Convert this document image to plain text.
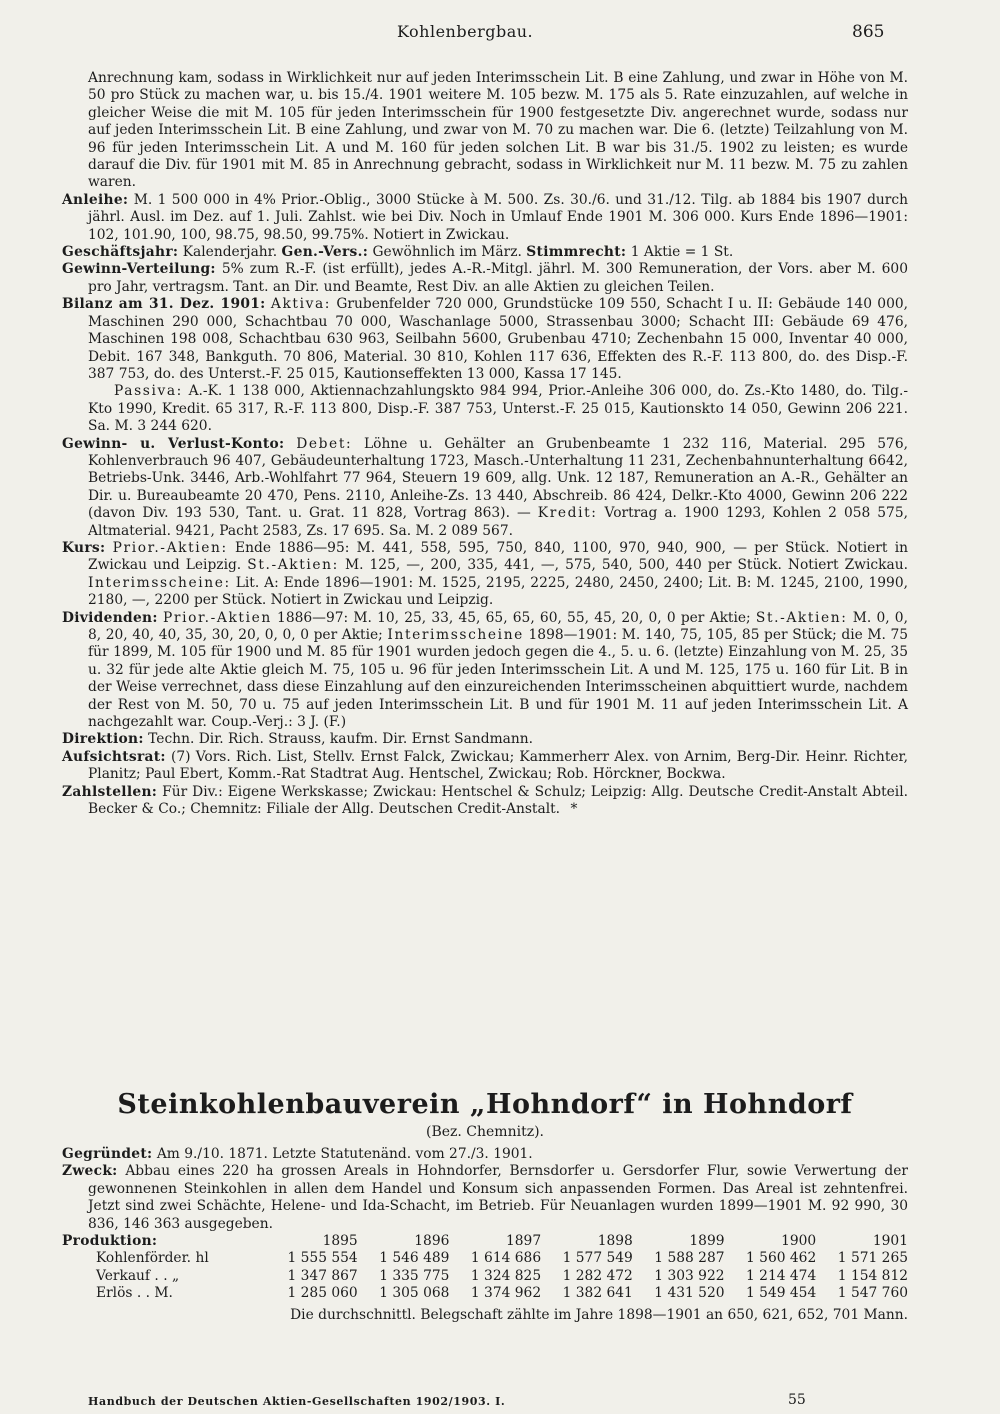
Kohlenbergbau.	865

Anrechnung kam, sodass in Wirklichkeit nur auf jeden Interimsschein Lit. B eine Zahlung, und zwar in Höhe von M. 50 pro Stück zu machen war, u. bis 15./4. 1901 weitere M. 105 bezw. M. 175 als 5. Rate einzuzahlen, auf welche in gleicher Weise die mit M. 105 für jeden Interimsschein für 1900 festgesetzte Div. angerechnet wurde, sodass nur auf jeden Interimsschein Lit. B eine Zahlung, und zwar von M. 70 zu machen war. Die 6. (letzte) Teilzahlung von M. 96 für jeden Interimsschein Lit. A und M. 160 für jeden solchen Lit. B war bis 31./5. 1902 zu leisten; es wurde darauf die Div. für 1901 mit M. 85 in Anrechnung gebracht, sodass in Wirklichkeit nur M. 11 bezw. M. 75 zu zahlen waren.

Anleihe: M. 1 500 000 in 4% Prior.-Oblig., 3000 Stücke à M. 500. Zs. 30./6. und 31./12. Tilg. ab 1884 bis 1907 durch jährl. Ausl. im Dez. auf 1. Juli. Zahlst. wie bei Div. Noch in Umlauf Ende 1901 M. 306 000. Kurs Ende 1896—1901: 102, 101.90, 100, 98.75, 98.50, 99.75%. Notiert in Zwickau.

Geschäftsjahr: Kalenderjahr. Gen.-Vers.: Gewöhnlich im März. Stimmrecht: 1 Aktie = 1 St.

Gewinn-Verteilung: 5% zum R.-F. (ist erfüllt), jedes A.-R.-Mitgl. jährl. M. 300 Remuneration, der Vors. aber M. 600 pro Jahr, vertragsm. Tant. an Dir. und Beamte, Rest Div. an alle Aktien zu gleichen Teilen.

Bilanz am 31. Dez. 1901: Aktiva: Grubenfelder 720 000, Grundstücke 109 550, Schacht I u. II: Gebäude 140 000, Maschinen 290 000, Schachtbau 70 000, Waschanlage 5000, Strassenbau 3000; Schacht III: Gebäude 69 476, Maschinen 198 008, Schachtbau 630 963, Seilbahn 5600, Grubenbau 4710; Zechenbahn 15 000, Inventar 40 000, Debit. 167 348, Bankguth. 70 806, Material. 30 810, Kohlen 117 636, Effekten des R.-F. 113 800, do. des Disp.-F. 387 753, do. des Unterst.-F. 25 015, Kautionseffekten 13 000, Kassa 17 145.

Passiva: A.-K. 1 138 000, Aktiennachzahlungskto 984 994, Prior.-Anleihe 306 000, do. Zs.-Kto 1480, do. Tilg.-Kto 1990, Kredit. 65 317, R.-F. 113 800, Disp.-F. 387 753, Unterst.-F. 25 015, Kautionskto 14 050, Gewinn 206 221. Sa. M. 3 244 620.

Gewinn- u. Verlust-Konto: Debet: Löhne u. Gehälter an Grubenbeamte 1 232 116, Material. 295 576, Kohlenverbrauch 96 407, Gebäudeunterhaltung 1723, Masch.-Unterhaltung 11 231, Zechenbahnunterhaltung 6642, Betriebs-Unk. 3446, Arb.-Wohlfahrt 77 964, Steuern 19 609, allg. Unk. 12 187, Remuneration an A.-R., Gehälter an Dir. u. Bureaubeamte 20 470, Pens. 2110, Anleihe-Zs. 13 440, Abschreib. 86 424, Delkr.-Kto 4000, Gewinn 206 222 (davon Div. 193 530, Tant. u. Grat. 11 828, Vortrag 863). — Kredit: Vortrag a. 1900 1293, Kohlen 2 058 575, Altmaterial. 9421, Pacht 2583, Zs. 17 695. Sa. M. 2 089 567.

Kurs: Prior.-Aktien: Ende 1886—95: M. 441, 558, 595, 750, 840, 1100, 970, 940, 900, — per Stück. Notiert in Zwickau und Leipzig. St.-Aktien: M. 125, —, 200, 335, 441, —, 575, 540, 500, 440 per Stück. Notiert Zwickau. Interimsscheine: Lit. A: Ende 1896—1901: M. 1525, 2195, 2225, 2480, 2450, 2400; Lit. B: M. 1245, 2100, 1990, 2180, —, 2200 per Stück. Notiert in Zwickau und Leipzig.

Dividenden: Prior.-Aktien 1886—97: M. 10, 25, 33, 45, 65, 65, 60, 55, 45, 20, 0, 0 per Aktie; St.-Aktien: M. 0, 0, 8, 20, 40, 40, 35, 30, 20, 0, 0, 0 per Aktie; Interimsscheine 1898—1901: M. 140, 75, 105, 85 per Stück; die M. 75 für 1899, M. 105 für 1900 und M. 85 für 1901 wurden jedoch gegen die 4., 5. u. 6. (letzte) Einzahlung von M. 25, 35 u. 32 für jede alte Aktie gleich M. 75, 105 u. 96 für jeden Interimsschein Lit. A und M. 125, 175 u. 160 für Lit. B in der Weise verrechnet, dass diese Einzahlung auf den einzureichenden Interimsscheinen abquittiert wurde, nachdem der Rest von M. 50, 70 u. 75 auf jeden Interimsschein Lit. B und für 1901 M. 11 auf jeden Interimsschein Lit. A nachgezahlt war. Coup.-Verj.: 3 J. (F.)

Direktion: Techn. Dir. Rich. Strauss, kaufm. Dir. Ernst Sandmann.

Aufsichtsrat: (7) Vors. Rich. List, Stellv. Ernst Falck, Zwickau; Kammerherr Alex. von Arnim, Berg-Dir. Heinr. Richter, Planitz; Paul Ebert, Komm.-Rat Stadtrat Aug. Hentschel, Zwickau; Rob. Hörckner, Bockwa.

Zahlstellen: Für Div.: Eigene Werkskasse; Zwickau: Hentschel & Schulz; Leipzig: Allg. Deutsche Credit-Anstalt Abteil. Becker & Co.; Chemnitz: Filiale der Allg. Deutschen Credit-Anstalt. *

Steinkohlenbauverein „Hohndorf“ in Hohndorf
(Bez. Chemnitz).

Gegründet: Am 9./10. 1871. Letzte Statutenänd. vom 27./3. 1901.

Zweck: Abbau eines 220 ha grossen Areals in Hohndorfer, Bernsdorfer u. Gersdorfer Flur, sowie Verwertung der gewonnenen Steinkohlen in allen dem Handel und Konsum sich anpassenden Formen. Das Areal ist zehntenfrei. Jetzt sind zwei Schächte, Helene- und Ida-Schacht, im Betrieb. Für Neuanlagen wurden 1899—1901 M. 92 990, 30 836, 146 363 ausgegeben.

Produktion:	1895	1896	1897	1898	1899	1900	1901
Kohlenförder. hl	1 555 554	1 546 489	1 614 686	1 577 549	1 588 287	1 560 462	1 571 265
Verkauf . . „	1 347 867	1 335 775	1 324 825	1 282 472	1 303 922	1 214 474	1 154 812
Erlös . . M.	1 285 060	1 305 068	1 374 962	1 382 641	1 431 520	1 549 454	1 547 760
Die durchschnittl. Belegschaft zählte im Jahre 1898—1901 an 650, 621, 652, 701 Mann.
Handbuch der Deutschen Aktien-Gesellschaften 1902/1903. I.	55
